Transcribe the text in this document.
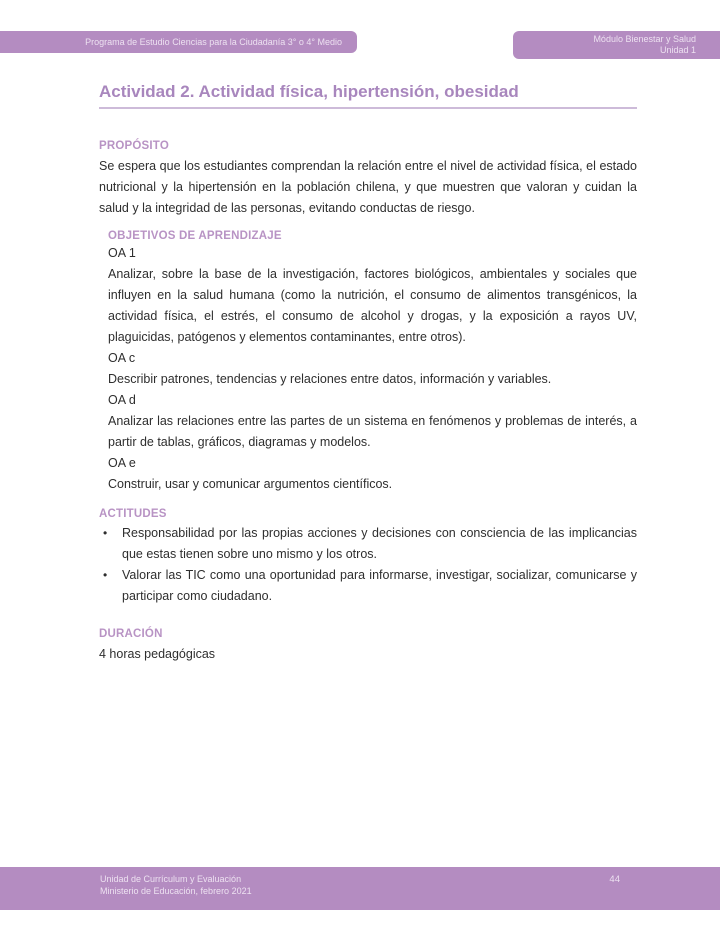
Programa de Estudio Ciencias para la Ciudadanía 3° o 4° Medio	Módulo Bienestar y Salud
Unidad 1
Actividad 2. Actividad física, hipertensión, obesidad
PROPÓSITO

Se espera que los estudiantes comprendan la relación entre el nivel de actividad física, el estado nutricional y la hipertensión en la población chilena, y que muestren que valoran y cuidan la salud y la integridad de las personas, evitando conductas de riesgo.

OBJETIVOS DE APRENDIZAJE
OA 1

Analizar, sobre la base de la investigación, factores biológicos, ambientales y sociales que influyen en la salud humana (como la nutrición, el consumo de alimentos transgénicos, la actividad física, el estrés, el consumo de alcohol y drogas, y la exposición a rayos UV, plaguicidas, patógenos y elementos contaminantes, entre otros).

OA c

Describir patrones, tendencias y relaciones entre datos, información y variables.

OA d

Analizar las relaciones entre las partes de un sistema en fenómenos y problemas de interés, a partir de tablas, gráficos, diagramas y modelos.

OA e

Construir, usar y comunicar argumentos científicos.

ACTITUDES
• Responsabilidad por las propias acciones y decisiones con consciencia de las implicancias que estas tienen sobre uno mismo y los otros.
• Valorar las TIC como una oportunidad para informarse, investigar, socializar, comunicarse y participar como ciudadano.
DURACIÓN

4 horas pedagógicas

Unidad de Currículum y Evaluación
Ministerio de Educación, febrero 2021
44
